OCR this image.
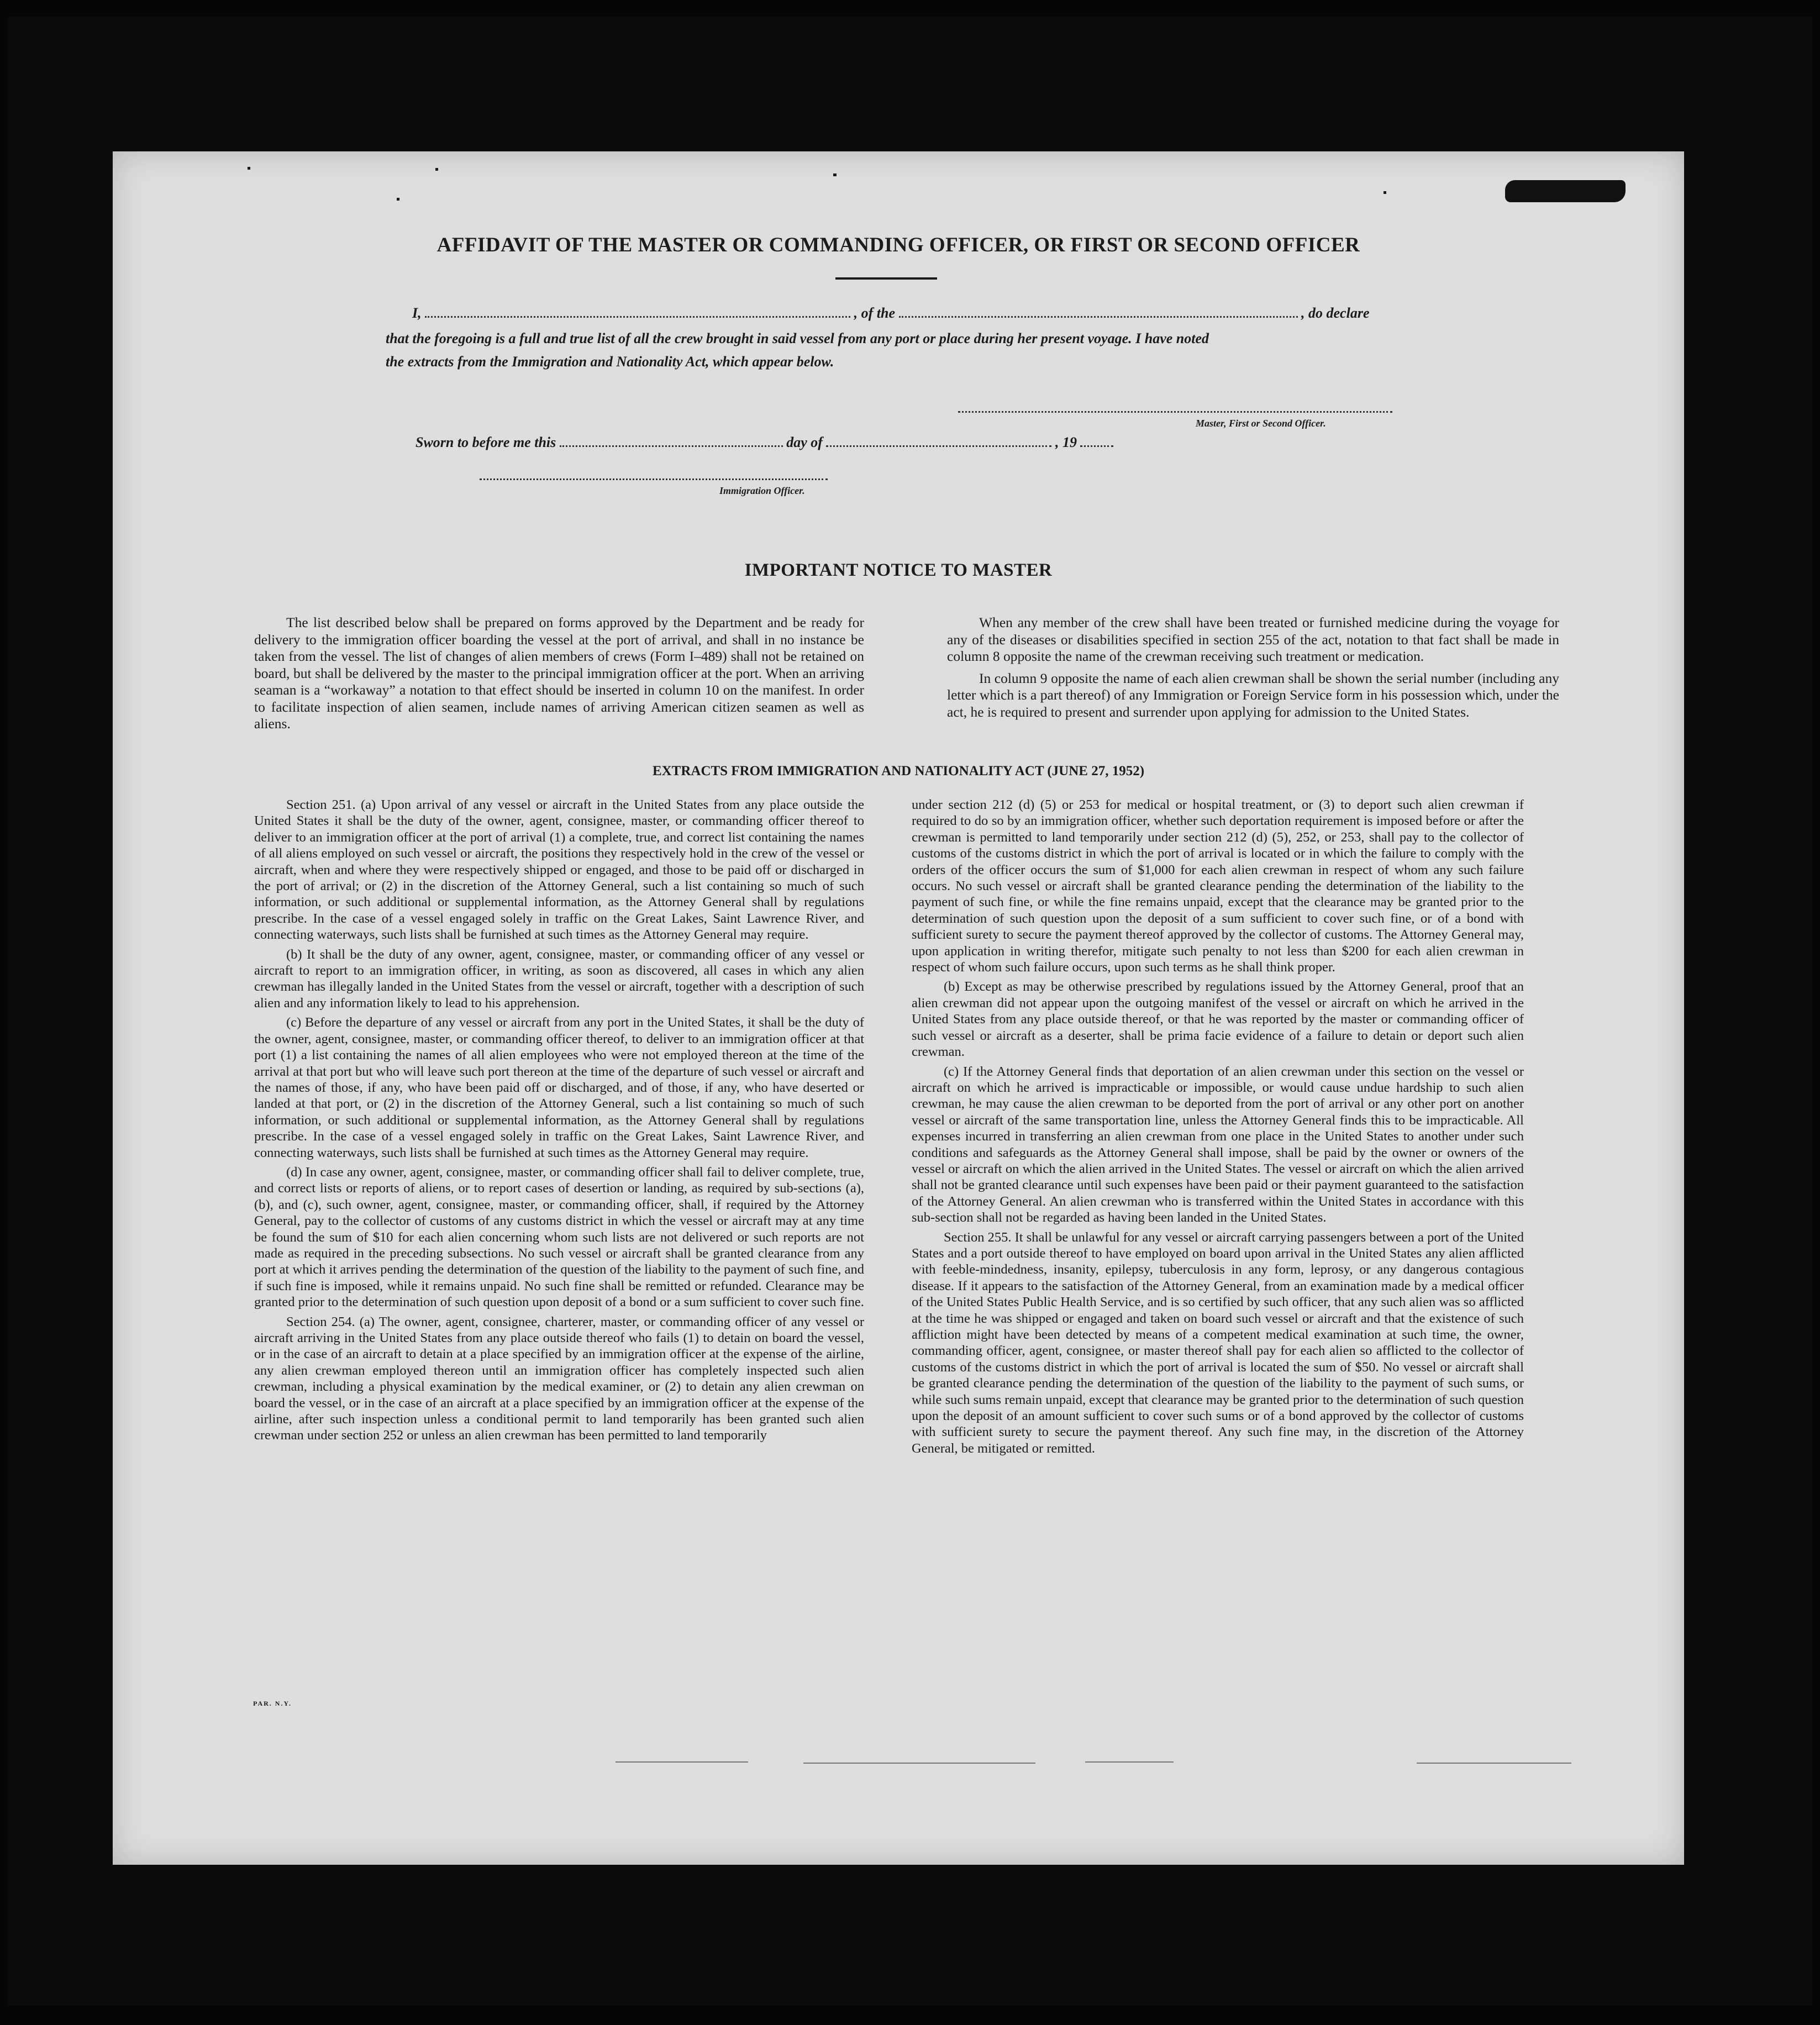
AFFIDAVIT OF THE MASTER OR COMMANDING OFFICER, OR FIRST OR SECOND OFFICER
I,	, of the	, do declare
that the foregoing is a full and true list of all the crew brought in said vessel from any port or place during her present voyage. I have noted
the extracts from the Immigration and Nationality Act, which appear below.
Master, First or Second Officer.
Sworn to before me this	day of	, 19
Immigration Officer.
IMPORTANT NOTICE TO MASTER

The list described below shall be prepared on forms approved by the Department and be ready for delivery to the immigration officer boarding the vessel at the port of arrival, and shall in no instance be taken from the vessel. The list of changes of alien members of crews (Form I–489) shall not be retained on board, but shall be delivered by the master to the principal immigration officer at the port. When an arriving seaman is a “workaway” a notation to that effect should be inserted in column 10 on the manifest. In order to facilitate inspection of alien seamen, include names of arriving American citizen seamen as well as aliens.

When any member of the crew shall have been treated or furnished medicine during the voyage for any of the diseases or disabilities specified in section 255 of the act, notation to that fact shall be made in column 8 opposite the name of the crewman receiving such treatment or medication.

In column 9 opposite the name of each alien crewman shall be shown the serial number (including any letter which is a part thereof) of any Immigration or Foreign Service form in his possession which, under the act, he is required to present and surrender upon applying for admission to the United States.

EXTRACTS FROM IMMIGRATION AND NATIONALITY ACT (JUNE 27, 1952)

Section 251. (a) Upon arrival of any vessel or aircraft in the United States from any place outside the United States it shall be the duty of the owner, agent, consignee, master, or commanding officer thereof to deliver to an immigration officer at the port of arrival (1) a complete, true, and correct list containing the names of all aliens employed on such vessel or aircraft, the positions they respectively hold in the crew of the vessel or aircraft, when and where they were respectively shipped or engaged, and those to be paid off or discharged in the port of arrival; or (2) in the discretion of the Attorney General, such a list containing so much of such information, or such additional or supplemental information, as the Attorney General shall by regulations prescribe. In the case of a vessel engaged solely in traffic on the Great Lakes, Saint Lawrence River, and connecting waterways, such lists shall be furnished at such times as the Attorney General may require.

(b) It shall be the duty of any owner, agent, consignee, master, or commanding officer of any vessel or aircraft to report to an immigration officer, in writing, as soon as discovered, all cases in which any alien crewman has illegally landed in the United States from the vessel or aircraft, together with a description of such alien and any information likely to lead to his apprehension.

(c) Before the departure of any vessel or aircraft from any port in the United States, it shall be the duty of the owner, agent, consignee, master, or commanding officer thereof, to deliver to an immigration officer at that port (1) a list containing the names of all alien employees who were not employed thereon at the time of the arrival at that port but who will leave such port thereon at the time of the departure of such vessel or aircraft and the names of those, if any, who have been paid off or discharged, and of those, if any, who have deserted or landed at that port, or (2) in the discretion of the Attorney General, such a list containing so much of such information, or such additional or supplemental information, as the Attorney General shall by regulations prescribe. In the case of a vessel engaged solely in traffic on the Great Lakes, Saint Lawrence River, and connecting waterways, such lists shall be furnished at such times as the Attorney General may require.

(d) In case any owner, agent, consignee, master, or commanding officer shall fail to deliver complete, true, and correct lists or reports of aliens, or to report cases of desertion or landing, as required by sub-sections (a), (b), and (c), such owner, agent, consignee, master, or commanding officer, shall, if required by the Attorney General, pay to the collector of customs of any customs district in which the vessel or aircraft may at any time be found the sum of $10 for each alien concerning whom such lists are not delivered or such reports are not made as required in the preceding subsections. No such vessel or aircraft shall be granted clearance from any port at which it arrives pending the determination of the question of the liability to the payment of such fine, and if such fine is imposed, while it remains unpaid. No such fine shall be remitted or refunded. Clearance may be granted prior to the determination of such question upon deposit of a bond or a sum sufficient to cover such fine.

Section 254. (a) The owner, agent, consignee, charterer, master, or commanding officer of any vessel or aircraft arriving in the United States from any place outside thereof who fails (1) to detain on board the vessel, or in the case of an aircraft to detain at a place specified by an immigration officer at the expense of the airline, any alien crewman employed thereon until an immigration officer has completely inspected such alien crewman, including a physical examination by the medical examiner, or (2) to detain any alien crewman on board the vessel, or in the case of an aircraft at a place specified by an immigration officer at the expense of the airline, after such inspection unless a conditional permit to land temporarily has been granted such alien crewman under section 252 or unless an alien crewman has been permitted to land temporarily

under section 212 (d) (5) or 253 for medical or hospital treatment, or (3) to deport such alien crewman if required to do so by an immigration officer, whether such deportation requirement is imposed before or after the crewman is permitted to land temporarily under section 212 (d) (5), 252, or 253, shall pay to the collector of customs of the customs district in which the port of arrival is located or in which the failure to comply with the orders of the officer occurs the sum of $1,000 for each alien crewman in respect of whom any such failure occurs. No such vessel or aircraft shall be granted clearance pending the determination of the liability to the payment of such fine, or while the fine remains unpaid, except that the clearance may be granted prior to the determination of such question upon the deposit of a sum sufficient to cover such fine, or of a bond with sufficient surety to secure the payment thereof approved by the collector of customs. The Attorney General may, upon application in writing therefor, mitigate such penalty to not less than $200 for each alien crewman in respect of whom such failure occurs, upon such terms as he shall think proper.

(b) Except as may be otherwise prescribed by regulations issued by the Attorney General, proof that an alien crewman did not appear upon the outgoing manifest of the vessel or aircraft on which he arrived in the United States from any place outside thereof, or that he was reported by the master or commanding officer of such vessel or aircraft as a deserter, shall be prima facie evidence of a failure to detain or deport such alien crewman.

(c) If the Attorney General finds that deportation of an alien crewman under this section on the vessel or aircraft on which he arrived is impracticable or impossible, or would cause undue hardship to such alien crewman, he may cause the alien crewman to be deported from the port of arrival or any other port on another vessel or aircraft of the same transportation line, unless the Attorney General finds this to be impracticable. All expenses incurred in transferring an alien crewman from one place in the United States to another under such conditions and safeguards as the Attorney General shall impose, shall be paid by the owner or owners of the vessel or aircraft on which the alien arrived in the United States. The vessel or aircraft on which the alien arrived shall not be granted clearance until such expenses have been paid or their payment guaranteed to the satisfaction of the Attorney General. An alien crewman who is transferred within the United States in accordance with this sub-section shall not be regarded as having been landed in the United States.

Section 255. It shall be unlawful for any vessel or aircraft carrying passengers between a port of the United States and a port outside thereof to have employed on board upon arrival in the United States any alien afflicted with feeble-mindedness, insanity, epilepsy, tuberculosis in any form, leprosy, or any dangerous contagious disease. If it appears to the satisfaction of the Attorney General, from an examination made by a medical officer of the United States Public Health Service, and is so certified by such officer, that any such alien was so afflicted at the time he was shipped or engaged and taken on board such vessel or aircraft and that the existence of such affliction might have been detected by means of a competent medical examination at such time, the owner, commanding officer, agent, consignee, or master thereof shall pay for each alien so afflicted to the collector of customs of the customs district in which the port of arrival is located the sum of $50. No vessel or aircraft shall be granted clearance pending the determination of the question of the liability to the payment of such sums, or while such sums remain unpaid, except that clearance may be granted prior to the determination of such question upon the deposit of an amount sufficient to cover such sums or of a bond approved by the collector of customs with sufficient surety to secure the payment thereof. Any such fine may, in the discretion of the Attorney General, be mitigated or remitted.

PAR. N.Y.
